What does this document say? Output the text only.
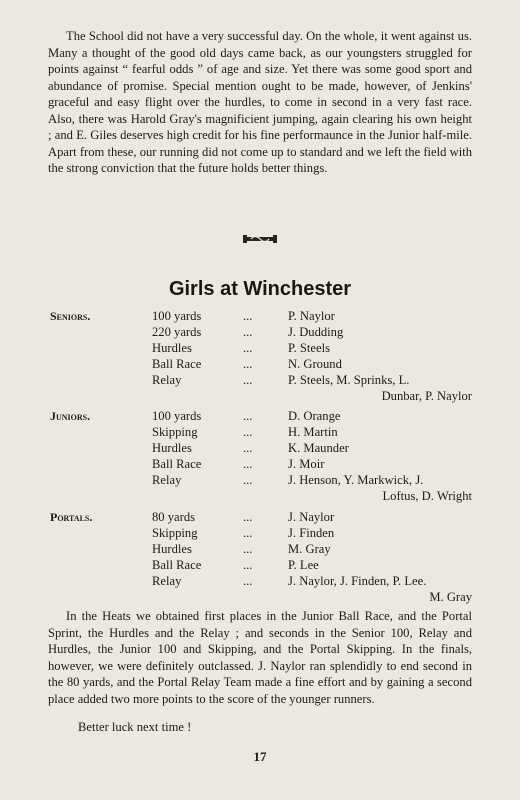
The School did not have a very successful day. On the whole, it went against us. Many a thought of the good old days came back, as our youngsters struggled for points against “ fearful odds ” of age and size. Yet there was some good sport and abundance of promise. Special mention ought to be made, however, of Jenkins' graceful and easy flight over the hurdles, to come in second in a very fast race. Also, there was Harold Gray's magnificient jumping, again clearing his own height ; and E. Giles deserves high credit for his fine performaunce in the Junior half-mile. Apart from these, our running did not come up to standard and we left the field with the strong conviction that the future holds better things.

Girls at Winchester
Seniors.	100 yards	...	P. Naylor
220 yards	...	J. Dudding
Hurdles	...	P. Steels
Ball Race	...	N. Ground
Relay	...	P. Steels, M. Sprinks, L.
Dunbar, P. Naylor
Juniors.	100 yards	...	D. Orange
Skipping	...	H. Martin
Hurdles	...	K. Maunder
Ball Race	...	J. Moir
Relay	...	J. Henson, Y. Markwick, J.
Loftus, D. Wright
Portals.	80 yards	...	J. Naylor
Skipping	...	J. Finden
Hurdles	...	M. Gray
Ball Race	...	P. Lee
Relay	...	J. Naylor, J. Finden, P. Lee.
M. Gray

In the Heats we obtained first places in the Junior Ball Race, and the Portal Sprint, the Hurdles and the Relay ; and seconds in the Senior 100, Relay and Hurdles, the Junior 100 and Skipping, and the Portal Skipping. In the finals, however, we were definitely outclassed. J. Naylor ran splendidly to end second in the 80 yards, and the Portal Relay Team made a fine effort and by gaining a second place added two more points to the score of the younger runners.

Better luck next time !

17
